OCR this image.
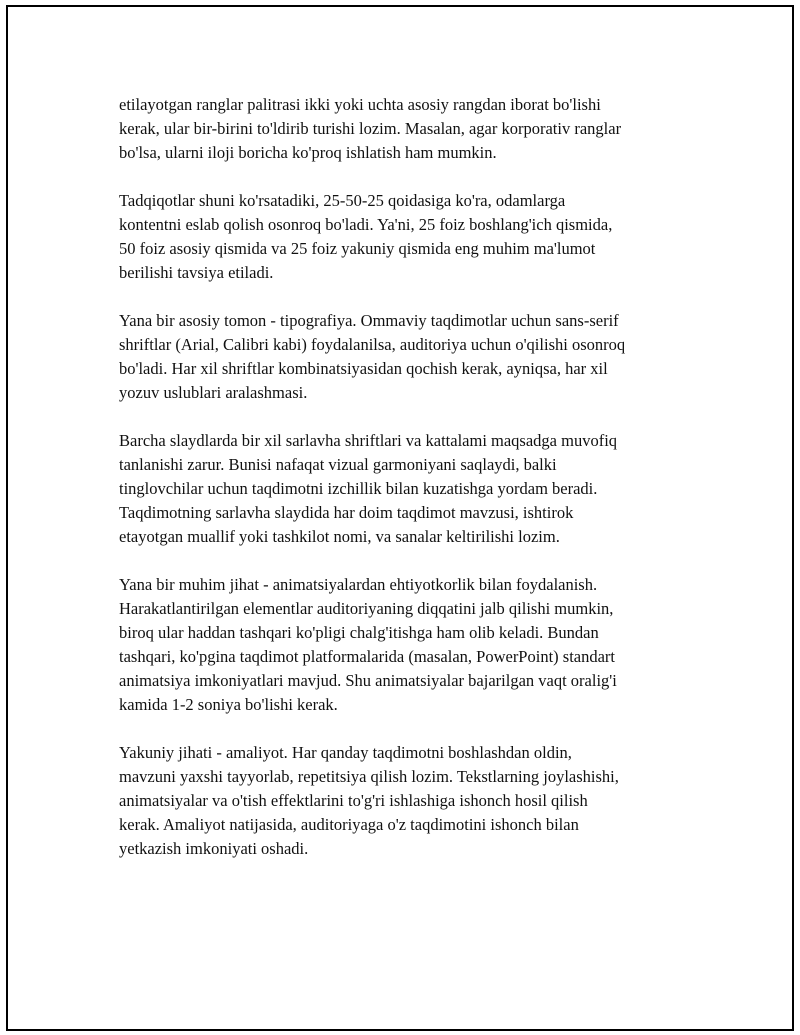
etilayotgan ranglar palitrasi ikki yoki uchta asosiy rangdan iborat bo'lishi
kerak, ular bir-birini to'ldirib turishi lozim. Masalan, agar korporativ ranglar
bo'lsa, ularni iloji boricha ko'proq ishlatish ham mumkin.

Tadqiqotlar shuni ko'rsatadiki, 25-50-25 qoidasiga ko'ra, odamlarga
kontentni eslab qolish osonroq bo'ladi. Ya'ni, 25 foiz boshlang'ich qismida,
50 foiz asosiy qismida va 25 foiz yakuniy qismida eng muhim ma'lumot
berilishi tavsiya etiladi.

Yana bir asosiy tomon - tipografiya. Ommaviy taqdimotlar uchun sans-serif
shriftlar (Arial, Calibri kabi) foydalanilsa, auditoriya uchun o'qilishi osonroq
bo'ladi. Har xil shriftlar kombinatsiyasidan qochish kerak, ayniqsa, har xil
yozuv uslublari aralashmasi.

Barcha slaydlarda bir xil sarlavha shriftlari va kattalami maqsadga muvofiq
tanlanishi zarur. Bunisi nafaqat vizual garmoniyani saqlaydi, balki
tinglovchilar uchun taqdimotni izchillik bilan kuzatishga yordam beradi.
Taqdimotning sarlavha slaydida har doim taqdimot mavzusi, ishtirok
etayotgan muallif yoki tashkilot nomi, va sanalar keltirilishi lozim.

Yana bir muhim jihat - animatsiyalardan ehtiyotkorlik bilan foydalanish.
Harakatlantirilgan elementlar auditoriyaning diqqatini jalb qilishi mumkin,
biroq ular haddan tashqari ko'pligi chalg'itishga ham olib keladi. Bundan
tashqari, ko'pgina taqdimot platformalarida (masalan, PowerPoint) standart
animatsiya imkoniyatlari mavjud. Shu animatsiyalar bajarilgan vaqt oralig'i
kamida 1-2 soniya bo'lishi kerak.

Yakuniy jihati - amaliyot. Har qanday taqdimotni boshlashdan oldin,
mavzuni yaxshi tayyorlab, repetitsiya qilish lozim. Tekstlarning joylashishi,
animatsiyalar va o'tish effektlarini to'g'ri ishlashiga ishonch hosil qilish
kerak. Amaliyot natijasida, auditoriyaga o'z taqdimotini ishonch bilan
yetkazish imkoniyati oshadi.
